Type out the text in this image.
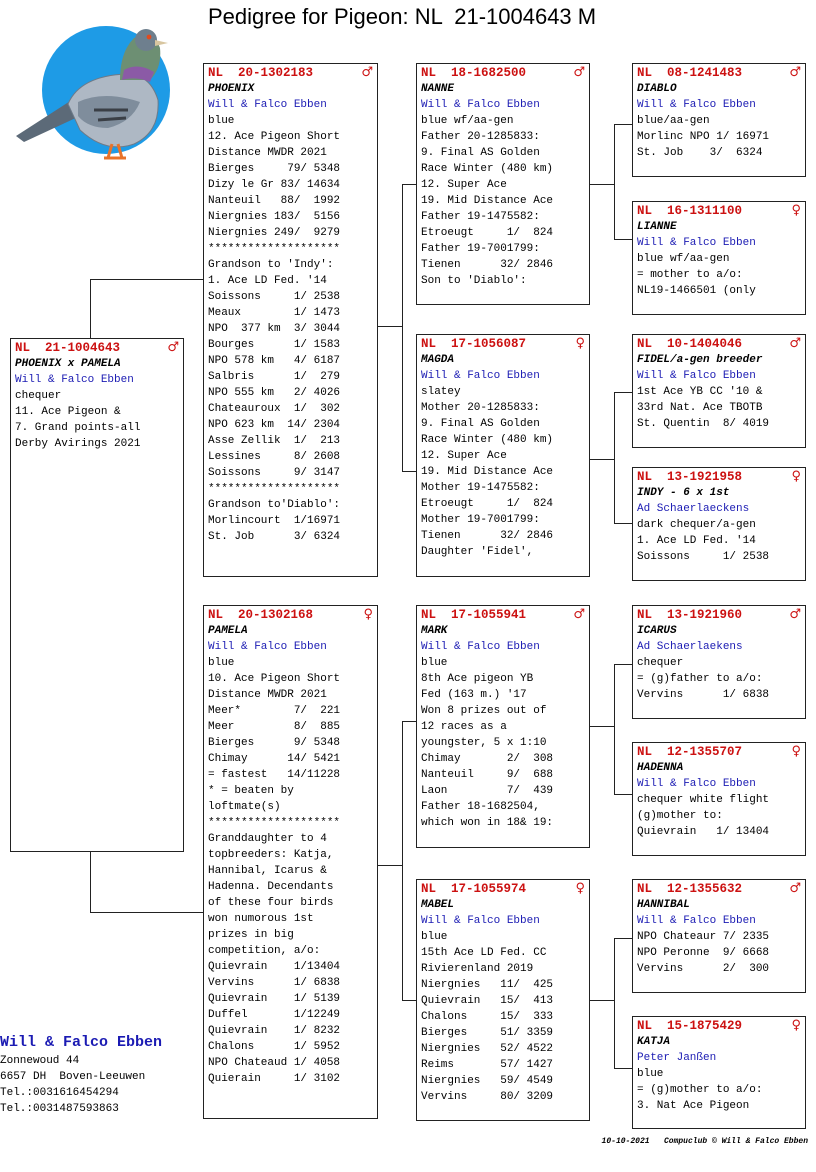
Pedigree for Pigeon: NL  21-1004643 M
NL  21-1004643	♂
PHOENIX x PAMELA
Will & Falco Ebben
chequer
11. Ace Pigeon &
7. Grand points-all
Derby Avirings 2021
NL  20-1302183	♂
PHOENIX
Will & Falco Ebben
blue
12. Ace Pigeon Short
Distance MWDR 2021
Bierges     79/ 5348
Dizy le Gr 83/ 14634
Nanteuil   88/  1992
Niergnies 183/  5156
Niergnies 249/  9279
********************
Grandson to 'Indy':
1. Ace LD Fed. '14
Soissons     1/ 2538
Meaux        1/ 1473
NPO  377 km  3/ 3044
Bourges      1/ 1583
NPO 578 km   4/ 6187
Salbris      1/  279
NPO 555 km   2/ 4026
Chateauroux  1/  302
NPO 623 km  14/ 2304
Asse Zellik  1/  213
Lessines     8/ 2608
Soissons     9/ 3147
********************
Grandson to'Diablo':
Morlincourt  1/16971
St. Job      3/ 6324
NL  20-1302168	♀
PAMELA
Will & Falco Ebben
blue
10. Ace Pigeon Short
Distance MWDR 2021
Meer*        7/  221
Meer         8/  885
Bierges      9/ 5348
Chimay      14/ 5421
= fastest   14/11228
* = beaten by
loftmate(s)
********************
Granddaughter to 4
topbreeders: Katja,
Hannibal, Icarus &
Hadenna. Decendants
of these four birds
won numorous 1st
prizes in big
competition, a/o:
Quievrain    1/13404
Vervins      1/ 6838
Quievrain    1/ 5139
Duffel       1/12249
Quievrain    1/ 8232
Chalons      1/ 5952
NPO Chateaud 1/ 4058
Quierain     1/ 3102
NL  18-1682500	♂
NANNE
Will & Falco Ebben
blue wf/aa-gen
Father 20-1285833:
9. Final AS Golden
Race Winter (480 km)
12. Super Ace
19. Mid Distance Ace
Father 19-1475582:
Etroeugt     1/  824
Father 19-7001799:
Tienen      32/ 2846
Son to 'Diablo':
NL  17-1056087	♀
MAGDA
Will & Falco Ebben
slatey
Mother 20-1285833:
9. Final AS Golden
Race Winter (480 km)
12. Super Ace
19. Mid Distance Ace
Mother 19-1475582:
Etroeugt     1/  824
Mother 19-7001799:
Tienen      32/ 2846
Daughter 'Fidel',
NL  17-1055941	♂
MARK
Will & Falco Ebben
blue
8th Ace pigeon YB
Fed (163 m.) '17
Won 8 prizes out of
12 races as a
youngster, 5 x 1:10
Chimay       2/  308
Nanteuil     9/  688
Laon         7/  439
Father 18-1682504,
which won in 18& 19:
NL  17-1055974	♀
MABEL
Will & Falco Ebben
blue
15th Ace LD Fed. CC
Rivierenland 2019
Niergnies   11/  425
Quievrain   15/  413
Chalons     15/  333
Bierges     51/ 3359
Niergnies   52/ 4522
Reims       57/ 1427
Niergnies   59/ 4549
Vervins     80/ 3209
NL  08-1241483	♂
DIABLO
Will & Falco Ebben
blue/aa-gen
Morlinc NPO 1/ 16971
St. Job    3/  6324
NL  16-1311100	♀
LIANNE
Will & Falco Ebben
blue wf/aa-gen
= mother to a/o:
NL19-1466501 (only
NL  10-1404046	♂
FIDEL/a-gen breeder
Will & Falco Ebben
1st Ace YB CC '10 &
33rd Nat. Ace TBOTB
St. Quentin  8/ 4019
NL  13-1921958	♀
INDY - 6 x 1st
Ad Schaerlaeckens
dark chequer/a-gen
1. Ace LD Fed. '14
Soissons     1/ 2538
NL  13-1921960	♂
ICARUS
Ad Schaerlaekens
chequer
= (g)father to a/o:
Vervins      1/ 6838
NL  12-1355707	♀
HADENNA
Will & Falco Ebben
chequer white flight
(g)mother to:
Quievrain   1/ 13404
NL  12-1355632	♂
HANNIBAL
Will & Falco Ebben
NPO Chateaur 7/ 2335
NPO Peronne  9/ 6668
Vervins      2/  300
NL  15-1875429	♀
KATJA
Peter Janßen
blue
= (g)mother to a/o:
3. Nat Ace Pigeon
Will & Falco Ebben
Zonnewoud 44
6657 DH  Boven-Leeuwen
Tel.:0031616454294
Tel.:0031487593863
10-10-2021 Compuclub © Will & Falco Ebben
